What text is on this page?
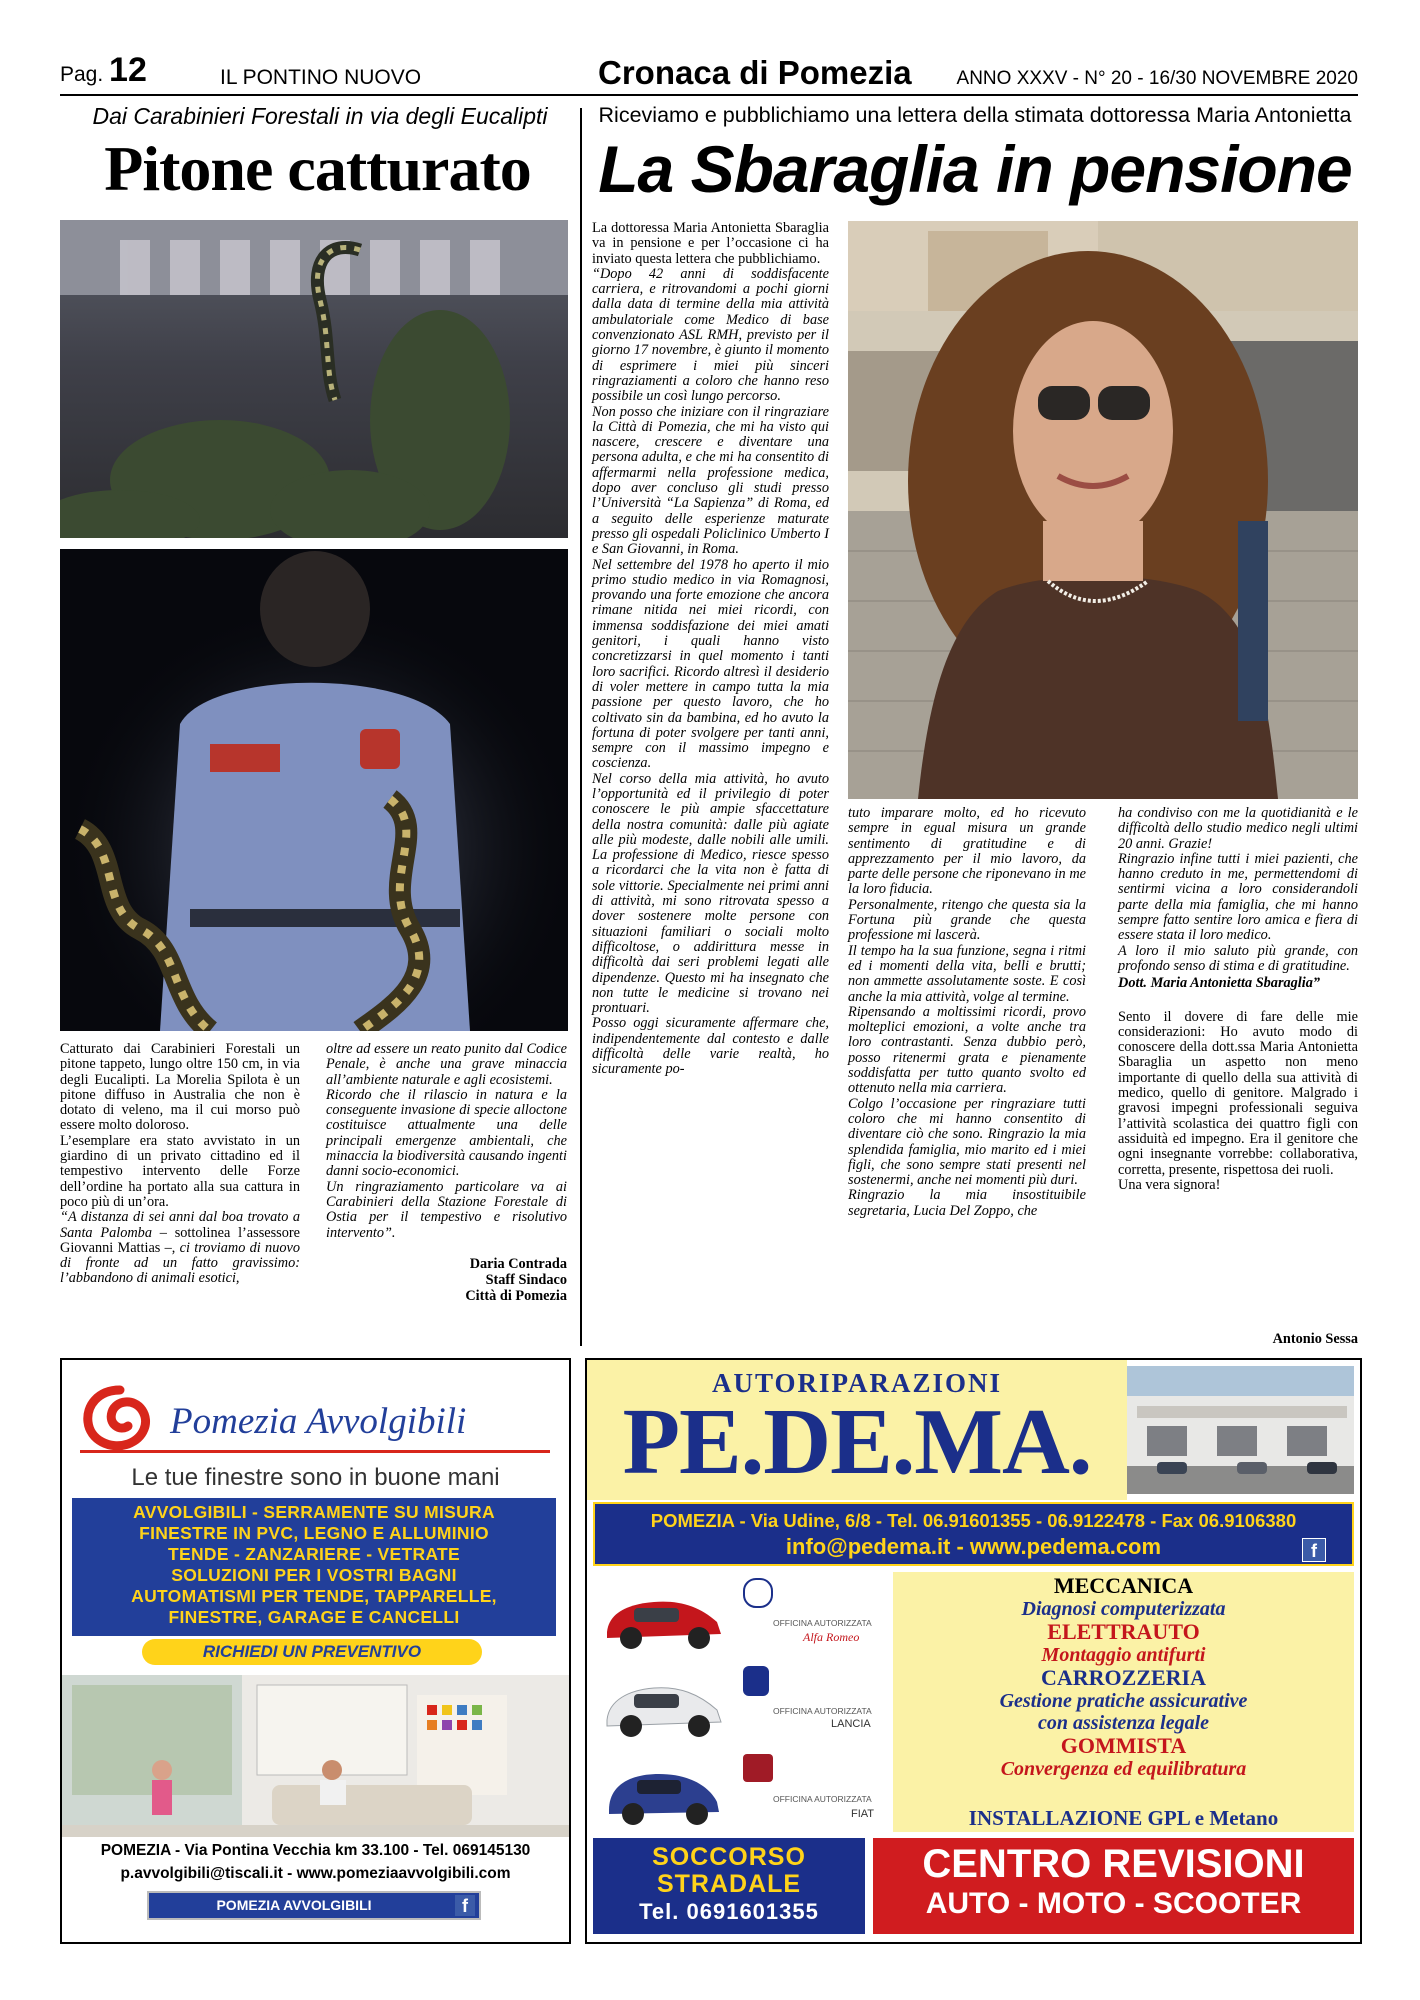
Pag. 12	IL PONTINO NUOVO	Cronaca di Pomezia ANNO XXXV - N° 20 - 16/30 NOVEMBRE 2020
Dai Carabinieri Forestali in via degli Eucalipti
Pitone catturato

Catturato dai Carabinieri Forestali un pitone tappeto, lungo oltre 150 cm, in via degli Eucalipti. La Morelia Spilota è un pitone diffuso in Australia che non è dotato di veleno, ma il cui morso può essere molto doloroso.

L’esemplare era stato avvistato in un giardino di un privato cittadino ed il tempestivo intervento delle Forze dell’ordine ha portato alla sua cattura in poco più di un’ora.

“A distanza di sei anni dal boa trovato a Santa Palomba – sottolinea l’assessore Giovanni Mattias –, ci troviamo di nuovo di fronte ad un fatto gravissimo: l’abbandono di animali esotici,

oltre ad essere un reato punito dal Codice Penale, è anche una grave minaccia all’ambiente naturale e agli ecosistemi.

Ricordo che il rilascio in natura e la conseguente invasione di specie alloctone costituisce attualmente una delle principali emergenze ambientali, che minaccia la biodiversità causando ingenti danni socio-economici.

Un ringraziamento particolare va ai Carabinieri della Stazione Forestale di Ostia per il tempestivo e risolutivo intervento”.

Daria Contrada
Staff Sindaco
Città di Pomezia
Riceviamo e pubblichiamo una lettera della stimata dottoressa Maria Antonietta
La Sbaraglia in pensione

La dottoressa Maria Antonietta Sbaraglia va in pensione e per l’occasione ci ha inviato questa lettera che pubblichiamo.

“Dopo 42 anni di soddisfacente carriera, e ritrovandomi a pochi giorni dalla data di termine della mia attività ambulatoriale come Medico di base convenzionato ASL RMH, previsto per il giorno 17 novembre, è giunto il momento di esprimere i miei più sinceri ringraziamenti a coloro che hanno reso possibile un così lungo percorso.

Non posso che iniziare con il ringraziare la Città di Pomezia, che mi ha visto qui nascere, crescere e diventare una persona adulta, e che mi ha consentito di affermarmi nella professione medica, dopo aver concluso gli studi presso l’Università “La Sapienza” di Roma, ed a seguito delle esperienze maturate presso gli ospedali Policlinico Umberto I e San Giovanni, in Roma.

Nel settembre del 1978 ho aperto il mio primo studio medico in via Romagnosi, provando una forte emozione che ancora rimane nitida nei miei ricordi, con immensa soddisfazione dei miei amati genitori, i quali hanno visto concretizzarsi in quel momento i tanti loro sacrifici. Ricordo altresì il desiderio di voler mettere in campo tutta la mia passione per questo lavoro, che ho coltivato sin da bambina, ed ho avuto la fortuna di poter svolgere per tanti anni, sempre con il massimo impegno e coscienza.

Nel corso della mia attività, ho avuto l’opportunità ed il privilegio di poter conoscere le più ampie sfaccettature della nostra comunità: dalle più agiate alle più modeste, dalle nobili alle umili. La professione di Medico, riesce spesso a ricordarci che la vita non è fatta di sole vittorie. Specialmente nei primi anni di attività, mi sono ritrovata spesso a dover sostenere molte persone con situazioni familiari o sociali molto difficoltose, o addirittura messe in difficoltà dai seri problemi legati alle dipendenze. Questo mi ha insegnato che non tutte le medicine si trovano nei prontuari.

Posso oggi sicuramente affermare che, indipendentemente dal contesto e dalle difficoltà delle varie realtà, ho sicuramente po-

tuto imparare molto, ed ho ricevuto sempre in egual misura un grande sentimento di gratitudine e di apprezzamento per il mio lavoro, da parte delle persone che riponevano in me la loro fiducia.

Personalmente, ritengo che questa sia la Fortuna più grande che questa professione mi lascerà.

Il tempo ha la sua funzione, segna i ritmi ed i momenti della vita, belli e brutti; non ammette assolutamente soste. E così anche la mia attività, volge al termine.

Ripensando a moltissimi ricordi, provo molteplici emozioni, a volte anche tra loro contrastanti. Senza dubbio però, posso ritenermi grata e pienamente soddisfatta per tutto quanto svolto ed ottenuto nella mia carriera.

Colgo l’occasione per ringraziare tutti coloro che mi hanno consentito di diventare ciò che sono. Ringrazio la mia splendida famiglia, mio marito ed i miei figli, che sono sempre stati presenti nel sostenermi, anche nei momenti più duri.

Ringrazio la mia insostituibile segretaria, Lucia Del Zoppo, che

ha condiviso con me la quotidianità e le difficoltà dello studio medico negli ultimi 20 anni. Grazie!

Ringrazio infine tutti i miei pazienti, che hanno creduto in me, permettendomi di sentirmi vicina a loro considerandoli parte della mia famiglia, che mi hanno sempre fatto sentire loro amica e fiera di essere stata il loro medico.

A loro il mio saluto più grande, con profondo senso di stima e di gratitudine.

Dott. Maria Antonietta Sbaraglia”

Sento il dovere di fare delle mie considerazioni: Ho avuto modo di conoscere della dott.ssa Maria Antonietta Sbaraglia un aspetto non meno importante di quello della sua attività di medico, quello di genitore. Malgrado i gravosi impegni professionali seguiva l’attività scolastica dei quattro figli con assiduità ed impegno. Era il genitore che ogni insegnante vorrebbe: collaborativa, corretta, presente, rispettosa dei ruoli.

Una vera signora!

Antonio Sessa
Pomezia Avvolgibili
Le tue finestre sono in buone mani
AVVOLGIBILI - SERRAMENTE SU MISURA
FINESTRE IN PVC, LEGNO E ALLUMINIO
TENDE - ZANZARIERE - VETRATE
SOLUZIONI PER I VOSTRI BAGNI
AUTOMATISMI PER TENDE, TAPPARELLE,
FINESTRE, GARAGE E CANCELLI
RICHIEDI UN PREVENTIVO
POMEZIA - Via Pontina Vecchia km 33.100 - Tel. 069145130
p.avvolgibili@tiscali.it - www.pomeziaavvolgibili.com
POMEZIA AVVOLGIBILI	f
AUTORIPARAZIONI
PE.DE.MA.
POMEZIA - Via Udine, 6/8 - Tel. 06.91601355 - 06.9122478 - Fax 06.9106380
info@pedema.it - www.pedema.com	f
OFFICINA AUTORIZZATA
Alfa Romeo
OFFICINA AUTORIZZATA
LANCIA
OFFICINA AUTORIZZATA
FIAT
MECCANICA
Diagnosi computerizzata
ELETTRAUTO
Montaggio antifurti
CARROZZERIA
Gestione pratiche assicurative
con assistenza legale
GOMMISTA
Convergenza ed equilibratura
INSTALLAZIONE GPL e Metano
SOCCORSO
STRADALE
Tel. 0691601355
CENTRO REVISIONI
AUTO - MOTO - SCOOTER
